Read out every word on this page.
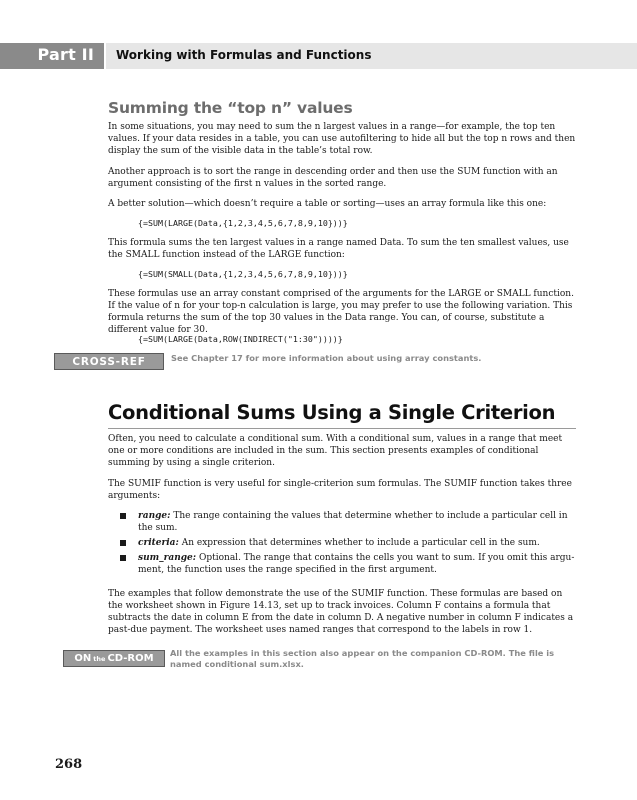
Part II Working with Formulas and Functions
Summing the “top n” values

In some situations, you may need to sum the n largest values in a range—for example, the top ten values. If your data resides in a table, you can use autofiltering to hide all but the top n rows and then display the sum of the visible data in the table’s total row.

Another approach is to sort the range in descending order and then use the SUM function with an argument consisting of the first n values in the sorted range.

A better solution—which doesn’t require a table or sorting—uses an array formula like this one:

{=SUM(LARGE(Data,{1,2,3,4,5,6,7,8,9,10}))}

This formula sums the ten largest values in a range named Data. To sum the ten smallest values, use the SMALL function instead of the LARGE function:

{=SUM(SMALL(Data,{1,2,3,4,5,6,7,8,9,10}))}

These formulas use an array constant comprised of the arguments for the LARGE or SMALL function. If the value of n for your top-n calculation is large, you may prefer to use the following variation. This formula returns the sum of the top 30 values in the Data range. You can, of course, substitute a different value for 30.

{=SUM(LARGE(Data,ROW(INDIRECT("1:30"))))}

CROSS-REF	See Chapter 17 for more information about using array constants.
Conditional Sums Using a Single Criterion

Often, you need to calculate a conditional sum. With a conditional sum, values in a range that meet one or more conditions are included in the sum. This section presents examples of conditional summing by using a single criterion.

The SUMIF function is very useful for single-criterion sum formulas. The SUMIF function takes three arguments:

range: The range containing the values that determine whether to include a particular cell in the sum.
criteria: An expression that determines whether to include a particular cell in the sum.
sum_range: Optional. The range that contains the cells you want to sum. If you omit this argu-ment, the function uses the range specified in the first argument.

The examples that follow demonstrate the use of the SUMIF function. These formulas are based on the worksheet shown in Figure 14.13, set up to track invoices. Column F contains a formula that subtracts the date in column E from the date in column D. A negative number in column F indicates a past-due payment. The worksheet uses named ranges that correspond to the labels in row 1.

ON the CD-ROM All the examples in this section also appear on the companion CD-ROM. The file is named conditional sum.xlsx.
268
